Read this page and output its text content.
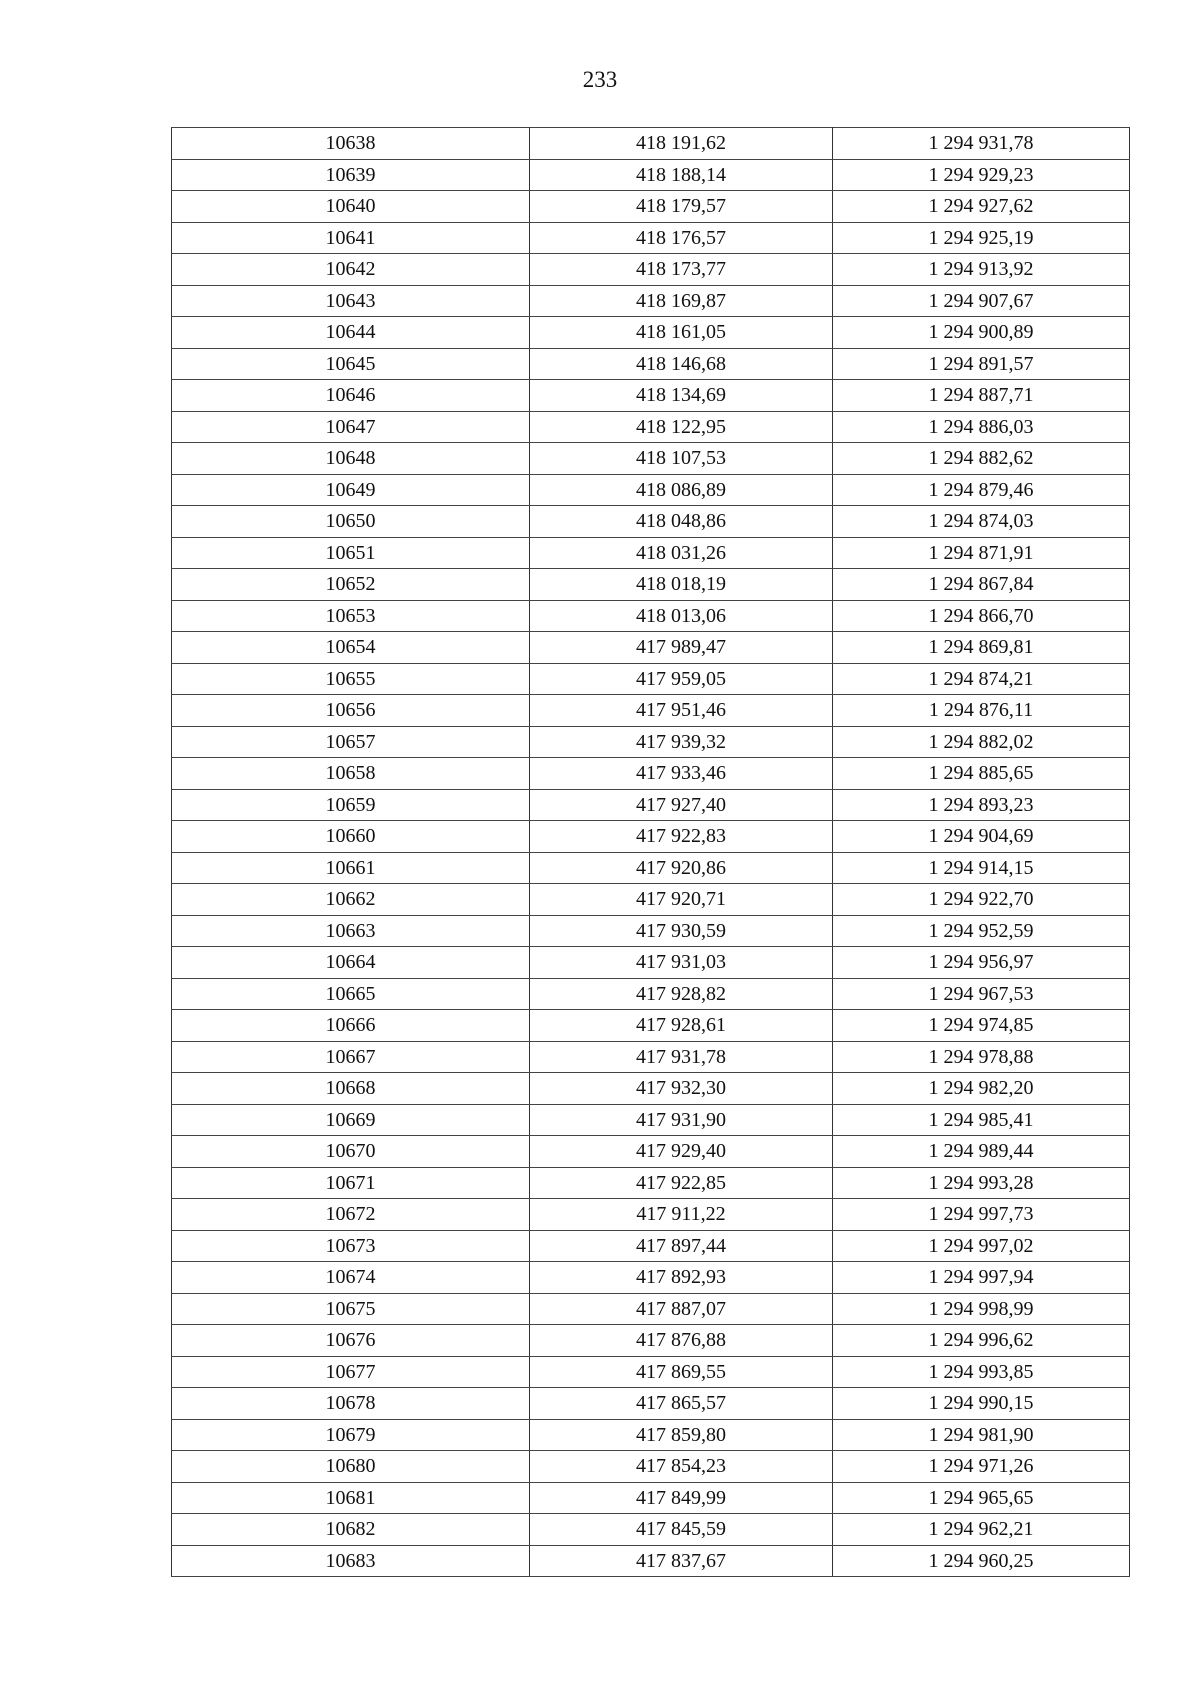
233
10638	418 191,62	1 294 931,78
10639	418 188,14	1 294 929,23
10640	418 179,57	1 294 927,62
10641	418 176,57	1 294 925,19
10642	418 173,77	1 294 913,92
10643	418 169,87	1 294 907,67
10644	418 161,05	1 294 900,89
10645	418 146,68	1 294 891,57
10646	418 134,69	1 294 887,71
10647	418 122,95	1 294 886,03
10648	418 107,53	1 294 882,62
10649	418 086,89	1 294 879,46
10650	418 048,86	1 294 874,03
10651	418 031,26	1 294 871,91
10652	418 018,19	1 294 867,84
10653	418 013,06	1 294 866,70
10654	417 989,47	1 294 869,81
10655	417 959,05	1 294 874,21
10656	417 951,46	1 294 876,11
10657	417 939,32	1 294 882,02
10658	417 933,46	1 294 885,65
10659	417 927,40	1 294 893,23
10660	417 922,83	1 294 904,69
10661	417 920,86	1 294 914,15
10662	417 920,71	1 294 922,70
10663	417 930,59	1 294 952,59
10664	417 931,03	1 294 956,97
10665	417 928,82	1 294 967,53
10666	417 928,61	1 294 974,85
10667	417 931,78	1 294 978,88
10668	417 932,30	1 294 982,20
10669	417 931,90	1 294 985,41
10670	417 929,40	1 294 989,44
10671	417 922,85	1 294 993,28
10672	417 911,22	1 294 997,73
10673	417 897,44	1 294 997,02
10674	417 892,93	1 294 997,94
10675	417 887,07	1 294 998,99
10676	417 876,88	1 294 996,62
10677	417 869,55	1 294 993,85
10678	417 865,57	1 294 990,15
10679	417 859,80	1 294 981,90
10680	417 854,23	1 294 971,26
10681	417 849,99	1 294 965,65
10682	417 845,59	1 294 962,21
10683	417 837,67	1 294 960,25
